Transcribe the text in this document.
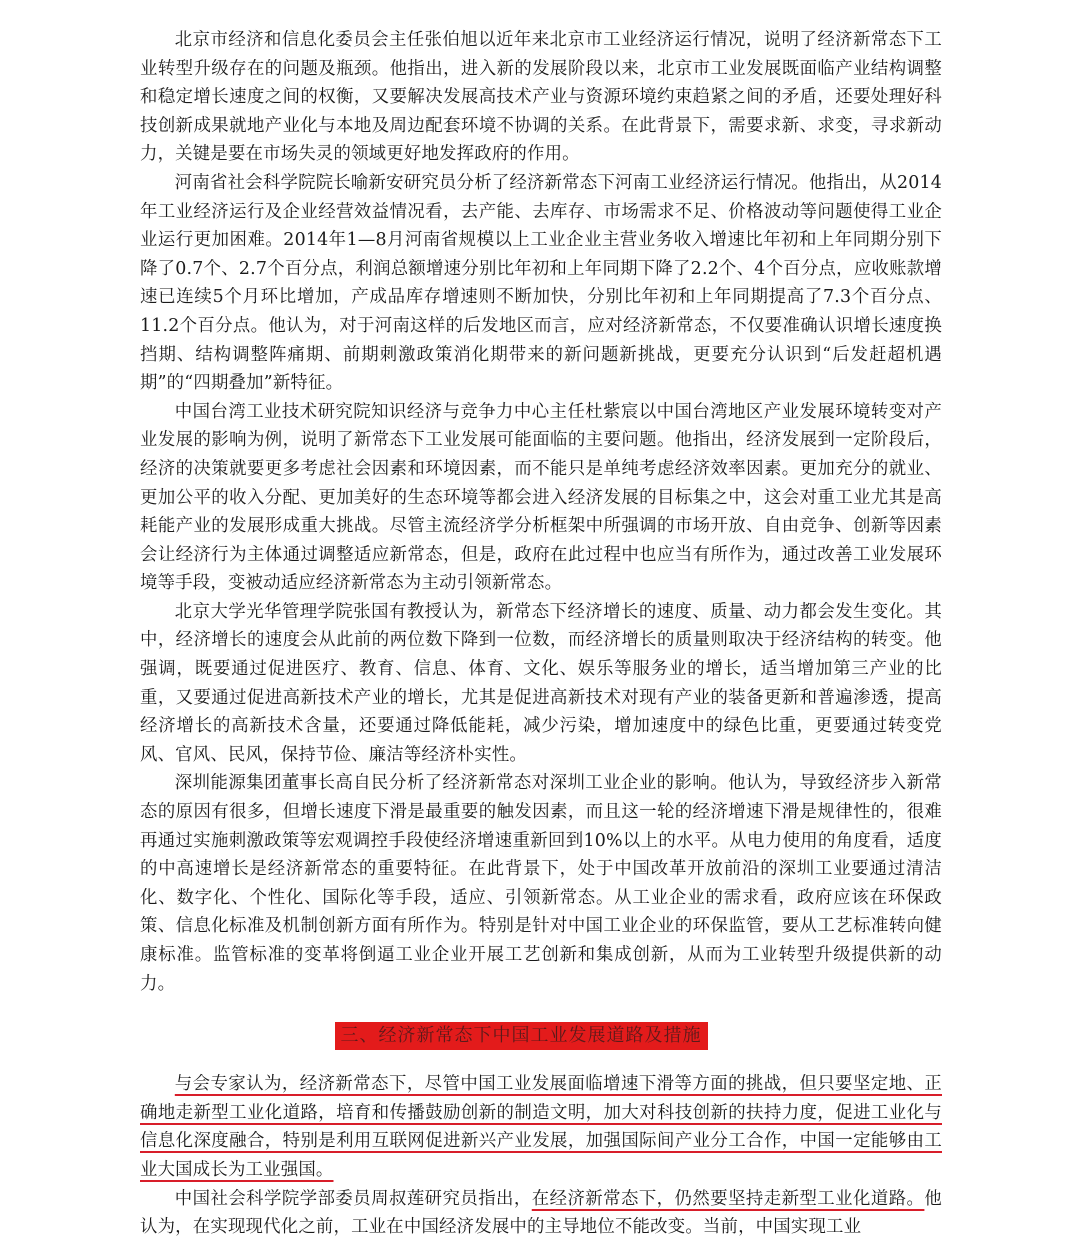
北京市经济和信息化委员会主任张伯旭以近年来北京市工业经济运行情况，说明了经济新常态下工业转型升级存在的问题及瓶颈。他指出，进入新的发展阶段以来，北京市工业发展既面临产业结构调整和稳定增长速度之间的权衡，又要解决发展高技术产业与资源环境约束趋紧之间的矛盾，还要处理好科技创新成果就地产业化与本地及周边配套环境不协调的关系。在此背景下，需要求新、求变，寻求新动力，关键是要在市场失灵的领域更好地发挥政府的作用。

河南省社会科学院院长喻新安研究员分析了经济新常态下河南工业经济运行情况。他指出，从2014年工业经济运行及企业经营效益情况看，去产能、去库存、市场需求不足、价格波动等问题使得工业企业运行更加困难。2014年1—8月河南省规模以上工业企业主营业务收入增速比年初和上年同期分别下降了0.7个、2.7个百分点，利润总额增速分别比年初和上年同期下降了2.2个、4个百分点，应收账款增速已连续5个月环比增加，产成品库存增速则不断加快，分别比年初和上年同期提高了7.3个百分点、11.2个百分点。他认为，对于河南这样的后发地区而言，应对经济新常态，不仅要准确认识增长速度换挡期、结构调整阵痛期、前期刺激政策消化期带来的新问题新挑战，更要充分认识到“后发赶超机遇期”的“四期叠加”新特征。

中国台湾工业技术研究院知识经济与竞争力中心主任杜紫宸以中国台湾地区产业发展环境转变对产业发展的影响为例，说明了新常态下工业发展可能面临的主要问题。他指出，经济发展到一定阶段后，经济的决策就要更多考虑社会因素和环境因素，而不能只是单纯考虑经济效率因素。更加充分的就业、更加公平的收入分配、更加美好的生态环境等都会进入经济发展的目标集之中，这会对重工业尤其是高耗能产业的发展形成重大挑战。尽管主流经济学分析框架中所强调的市场开放、自由竞争、创新等因素会让经济行为主体通过调整适应新常态，但是，政府在此过程中也应当有所作为，通过改善工业发展环境等手段，变被动适应经济新常态为主动引领新常态。

北京大学光华管理学院张国有教授认为，新常态下经济增长的速度、质量、动力都会发生变化。其中，经济增长的速度会从此前的两位数下降到一位数，而经济增长的质量则取决于经济结构的转变。他强调，既要通过促进医疗、教育、信息、体育、文化、娱乐等服务业的增长，适当增加第三产业的比重，又要通过促进高新技术产业的增长，尤其是促进高新技术对现有产业的装备更新和普遍渗透，提高经济增长的高新技术含量，还要通过降低能耗，减少污染，增加速度中的绿色比重，更要通过转变党风、官风、民风，保持节俭、廉洁等经济朴实性。

深圳能源集团董事长高自民分析了经济新常态对深圳工业企业的影响。他认为，导致经济步入新常态的原因有很多，但增长速度下滑是最重要的触发因素，而且这一轮的经济增速下滑是规律性的，很难再通过实施刺激政策等宏观调控手段使经济增速重新回到10%以上的水平。从电力使用的角度看，适度的中高速增长是经济新常态的重要特征。在此背景下，处于中国改革开放前沿的深圳工业要通过清洁化、数字化、个性化、国际化等手段，适应、引领新常态。从工业企业的需求看，政府应该在环保政策、信息化标准及机制创新方面有所作为。特别是针对中国工业企业的环保监管，要从工艺标准转向健康标准。监管标准的变革将倒逼工业企业开展工艺创新和集成创新，从而为工业转型升级提供新的动力。

三、经济新常态下中国工业发展道路及措施

与会专家认为，经济新常态下，尽管中国工业发展面临增速下滑等方面的挑战，但只要坚定地、正确地走新型工业化道路，培育和传播鼓励创新的制造文明，加大对科技创新的扶持力度，促进工业化与信息化深度融合，特别是利用互联网促进新兴产业发展，加强国际间产业分工合作，中国一定能够由工业大国成长为工业强国。

中国社会科学院学部委员周叔莲研究员指出，在经济新常态下，仍然要坚持走新型工业化道路。他认为，在实现现代化之前，工业在中国经济发展中的主导地位不能改变。当前，中国实现工业
